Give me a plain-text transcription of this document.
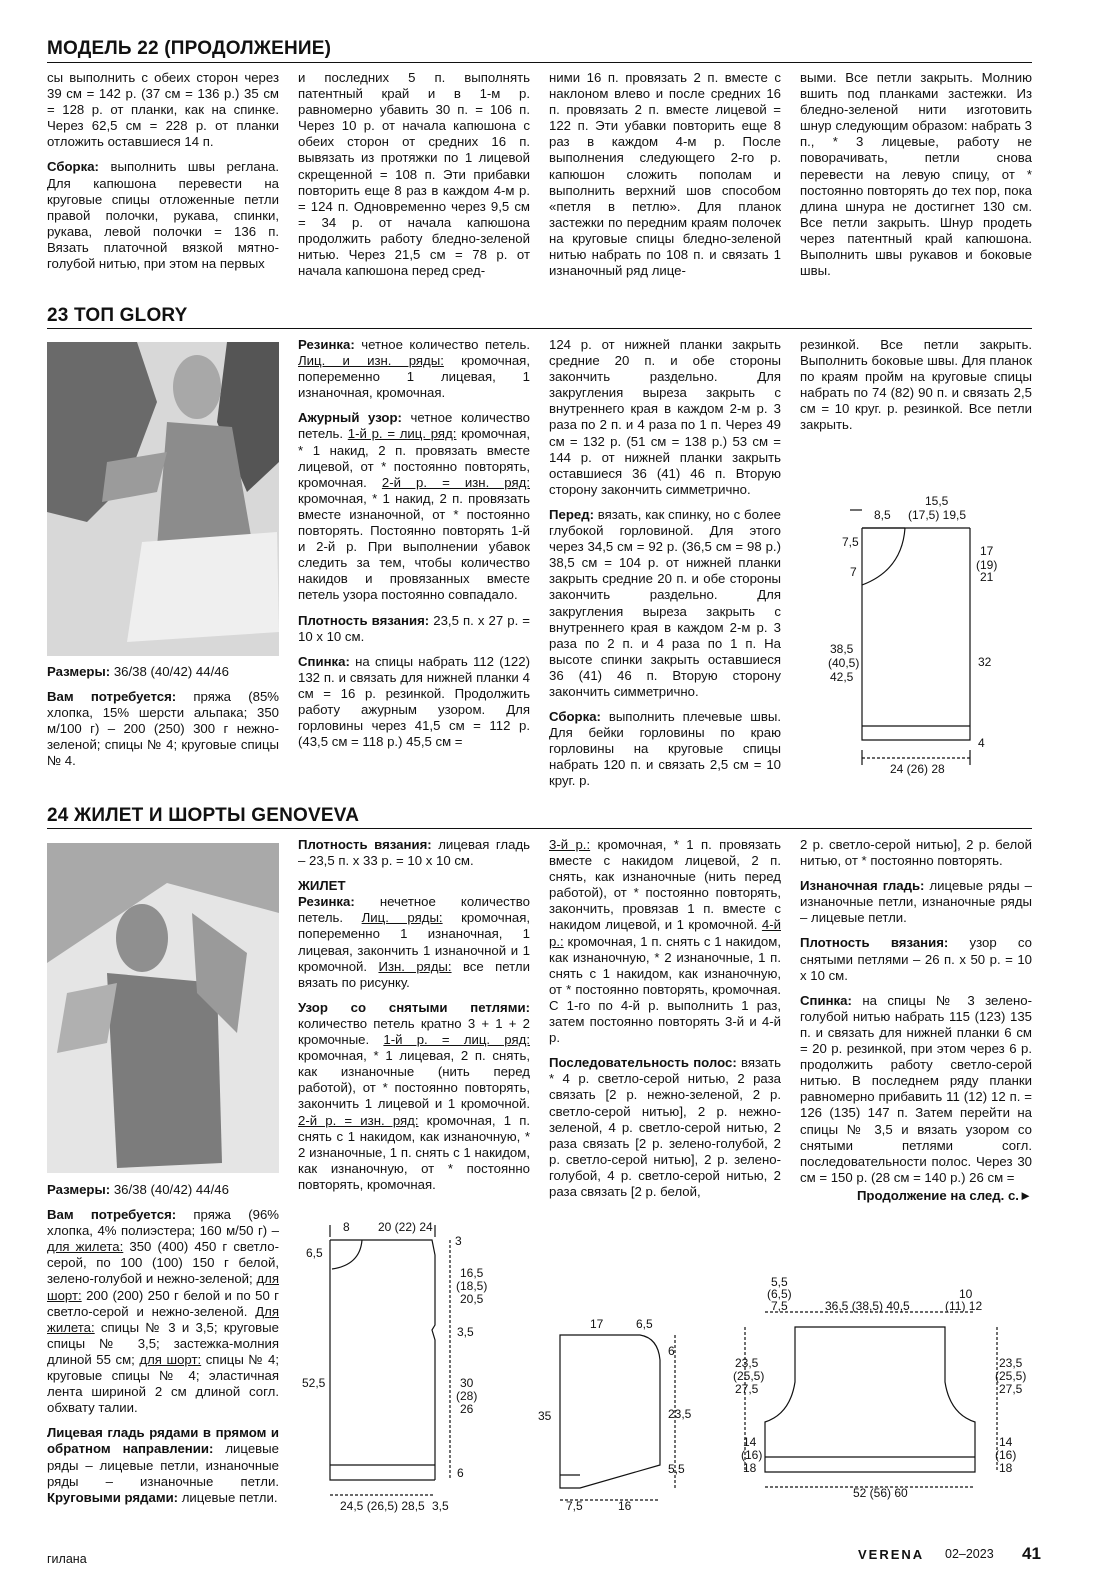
МОДЕЛЬ 22 (ПРОДОЛЖЕНИЕ)

сы выполнить с обеих сторон через 39 см = 142 р. (37 см = 136 р.) 35 см = 128 р. от планки, как на спинке. Через 62,5 см = 228 р. от планки отложить оставшиеся 14 п.

Сборка: выполнить швы реглана. Для капюшона перевести на круговые спицы отложенные петли правой полочки, рукава, спинки, рукава, левой полочки = 136 п. Вязать платочной вязкой мятно-голубой нитью, при этом на первых

и последних 5 п. выполнять патентный край и в 1-м р. равномерно убавить 30 п. = 106 п. Через 10 р. от начала капюшона с обеих сторон от средних 16 п. вывязать из протяжки по 1 лицевой скрещенной = 108 п. Эти прибавки повторить еще 8 раз в каждом 4-м р. = 124 п. Одновременно через 9,5 см = 34 р. от начала капюшона продолжить работу бледно-зеленой нитью. Через 21,5 см = 78 р. от начала капюшона перед сред-

ними 16 п. провязать 2 п. вместе с наклоном влево и после средних 16 п. провязать 2 п. вместе лицевой = 122 п. Эти убавки повторить еще 8 раз в каждом 4-м р. После выполнения следующего 2-го р. капюшон сложить пополам и выполнить верхний шов способом «петля в петлю». Для планок застежки по передним краям полочек на круговые спицы бледно-зеленой нитью набрать по 108 п. и связать 1 изнаночный ряд лице-

выми. Все петли закрыть. Молнию вшить под планками застежки. Из бледно-зеленой нити изготовить шнур следующим образом: набрать 3 п., * 3 лицевые, работу не поворачивать, петли снова перевести на левую спицу, от * постоянно повторять до тех пор, пока длина шнура не достигнет 130 см. Все петли закрыть. Шнур продеть через патентный край капюшона. Выполнить швы рукавов и боковые швы.

23 ТОП GLORY

Размеры: 36/38 (40/42) 44/46

Вам потребуется: пряжа (85% хлопка, 15% шерсти альпака; 350 м/100 г) – 200 (250) 300 г нежно-зеленой; спицы № 4; круговые спицы № 4.

Резинка: четное количество петель. Лиц. и изн. ряды: кромочная, попеременно 1 лицевая, 1 изнаночная, кромочная.

Ажурный узор: четное количество петель. 1-й р. = лиц. ряд: кромочная, * 1 накид, 2 п. провязать вместе лицевой, от * постоянно повторять, кромочная. 2-й р. = изн. ряд: кромочная, * 1 накид, 2 п. провязать вместе изнаночной, от * постоянно повторять. Постоянно повторять 1-й и 2-й р. При выполнении убавок следить за тем, чтобы количество накидов и провязанных вместе петель узора постоянно совпадало.

Плотность вязания: 23,5 п. х 27 р. = 10 х 10 см.

Спинка: на спицы набрать 112 (122) 132 п. и связать для нижней планки 4 см = 16 р. резинкой. Продолжить работу ажурным узором. Для горловины через 41,5 см = 112 р. (43,5 см = 118 р.) 45,5 см =

124 р. от нижней планки закрыть средние 20 п. и обе стороны закончить раздельно. Для закругления выреза закрыть с внутреннего края в каждом 2-м р. 3 раза по 2 п. и 4 раза по 1 п. Через 49 см = 132 р. (51 см = 138 р.) 53 см = 144 р. от нижней планки закрыть оставшиеся 36 (41) 46 п. Вторую сторону закончить симметрично.

Перед: вязать, как спинку, но с более глубокой горловиной. Для этого через 34,5 см = 92 р. (36,5 см = 98 р.) 38,5 см = 104 р. от нижней планки закрыть средние 20 п. и обе стороны закончить раздельно. Для закругления выреза закрыть с внутреннего края в каждом 2-м р. 3 раза по 2 п. и 4 раза по 1 п. На высоте спинки закрыть оставшиеся 36 (41) 46 п. Вторую сторону закончить симметрично.

Сборка: выполнить плечевые швы. Для бейки горловины по краю горловины на круговые спицы набрать 120 п. и связать 2,5 см = 10 круг. р.

резинкой. Все петли закрыть. Выполнить боковые швы. Для планок по краям пройм на круговые спицы набрать по 74 (82) 90 п. и связать 2,5 см = 10 круг. р. резинкой. Все петли закрыть.

15,5
8,5 (17,5) 19,5
7,5
7
17
(19)
21
38,5
(40,5)
42,5
32
4
24 (26) 28
24 ЖИЛЕТ И ШОРТЫ GENOVEVA

Размеры: 36/38 (40/42) 44/46

Вам потребуется: пряжа (96% хлопка, 4% полиэстера; 160 м/50 г) – для жилета: 350 (400) 450 г светло-серой, по 100 (100) 150 г белой, зелено-голубой и нежно-зеленой; для шорт: 200 (200) 250 г белой и по 50 г светло-серой и нежно-зеленой. Для жилета: спицы № 3 и 3,5; круговые спицы № 3,5; застежка-молния длиной 55 см; для шорт: спицы № 4; круговые спицы № 4; эластичная лента шириной 2 см длиной согл. обхвату талии.

Лицевая гладь рядами в прямом и обратном направлении: лицевые ряды – лицевые петли, изнаночные ряды – изнаночные петли. Круговыми рядами: лицевые петли.

Плотность вязания: лицевая гладь – 23,5 п. х 33 р. = 10 х 10 см.

ЖИЛЕТ

Резинка: нечетное количество петель. Лиц. ряды: кромочная, попеременно 1 изнаночная, 1 лицевая, закончить 1 изнаночной и 1 кромочной. Изн. ряды: все петли вязать по рисунку.

Узор со снятыми петлями: количество петель кратно 3 + 1 + 2 кромочные. 1-й р. = лиц. ряд: кромочная, * 1 лицевая, 2 п. снять, как изнаночные (нить перед работой), от * постоянно повторять, закончить 1 лицевой и 1 кромочной. 2-й р. = изн. ряд: кромочная, 1 п. снять с 1 накидом, как изнаночную, * 2 изнаночные, 1 п. снять с 1 накидом, как изнаночную, от * постоянно повторять, кромочная.

3-й р.: кромочная, * 1 п. провязать вместе с накидом лицевой, 2 п. снять, как изнаночные (нить перед работой), от * постоянно повторять, закончить, провязав 1 п. вместе с накидом лицевой, и 1 кромочной. 4-й р.: кромочная, 1 п. снять с 1 накидом, как изнаночную, * 2 изнаночные, 1 п. снять с 1 накидом, как изнаночную, от * постоянно повторять, кромочная. С 1-го по 4-й р. выполнить 1 раз, затем постоянно повторять 3-й и 4-й р.

Последовательность полос: вязать * 4 р. светло-серой нитью, 2 раза связать [2 р. нежно-зеленой, 2 р. светло-серой нитью], 2 р. нежно-зеленой, 4 р. светло-серой нитью, 2 раза связать [2 р. зелено-голубой, 2 р. светло-серой нитью], 2 р. зелено-голубой, 4 р. светло-серой нитью, 2 раза связать [2 р. белой,

2 р. светло-серой нитью], 2 р. белой нитью, от * постоянно повторять.

Изнаночная гладь: лицевые ряды – изнаночные петли, изнаночные ряды – лицевые петли.

Плотность вязания: узор со снятыми петлями – 26 п. х 50 р. = 10 х 10 см.

Спинка: на спицы № 3 зелено-голубой нитью набрать 115 (123) 135 п. и связать для нижней планки 6 см = 20 р. резинкой, при этом через 6 р. продолжить работу светло-серой нитью. В последнем ряду планки равномерно прибавить 11 (12) 12 п. = 126 (135) 147 п. Затем перейти на спицы № 3,5 и вязать узором со снятыми петлями согл. последовательности полос. Через 30 см = 150 р. (28 см = 140 р.) 26 см =

Продолжение на след. с.►

8 20 (22) 24
6,5
3
16,5
(18,5)
20,5
3,5
52,5	30
(28)
26
6
24,5 (26,5) 28,5 3,5
17	6,5
6
35	23,5
5,5
7,5	16
5,5
(6,5)
7,5	36,5 (38,5) 40,5
10
(11) 12
23,5
(25,5)
27,5
23,5
(25,5)
27,5
14
(16)
18
14
(16)
18
52 (56) 60
гилана	VERENA 02–2023 41
